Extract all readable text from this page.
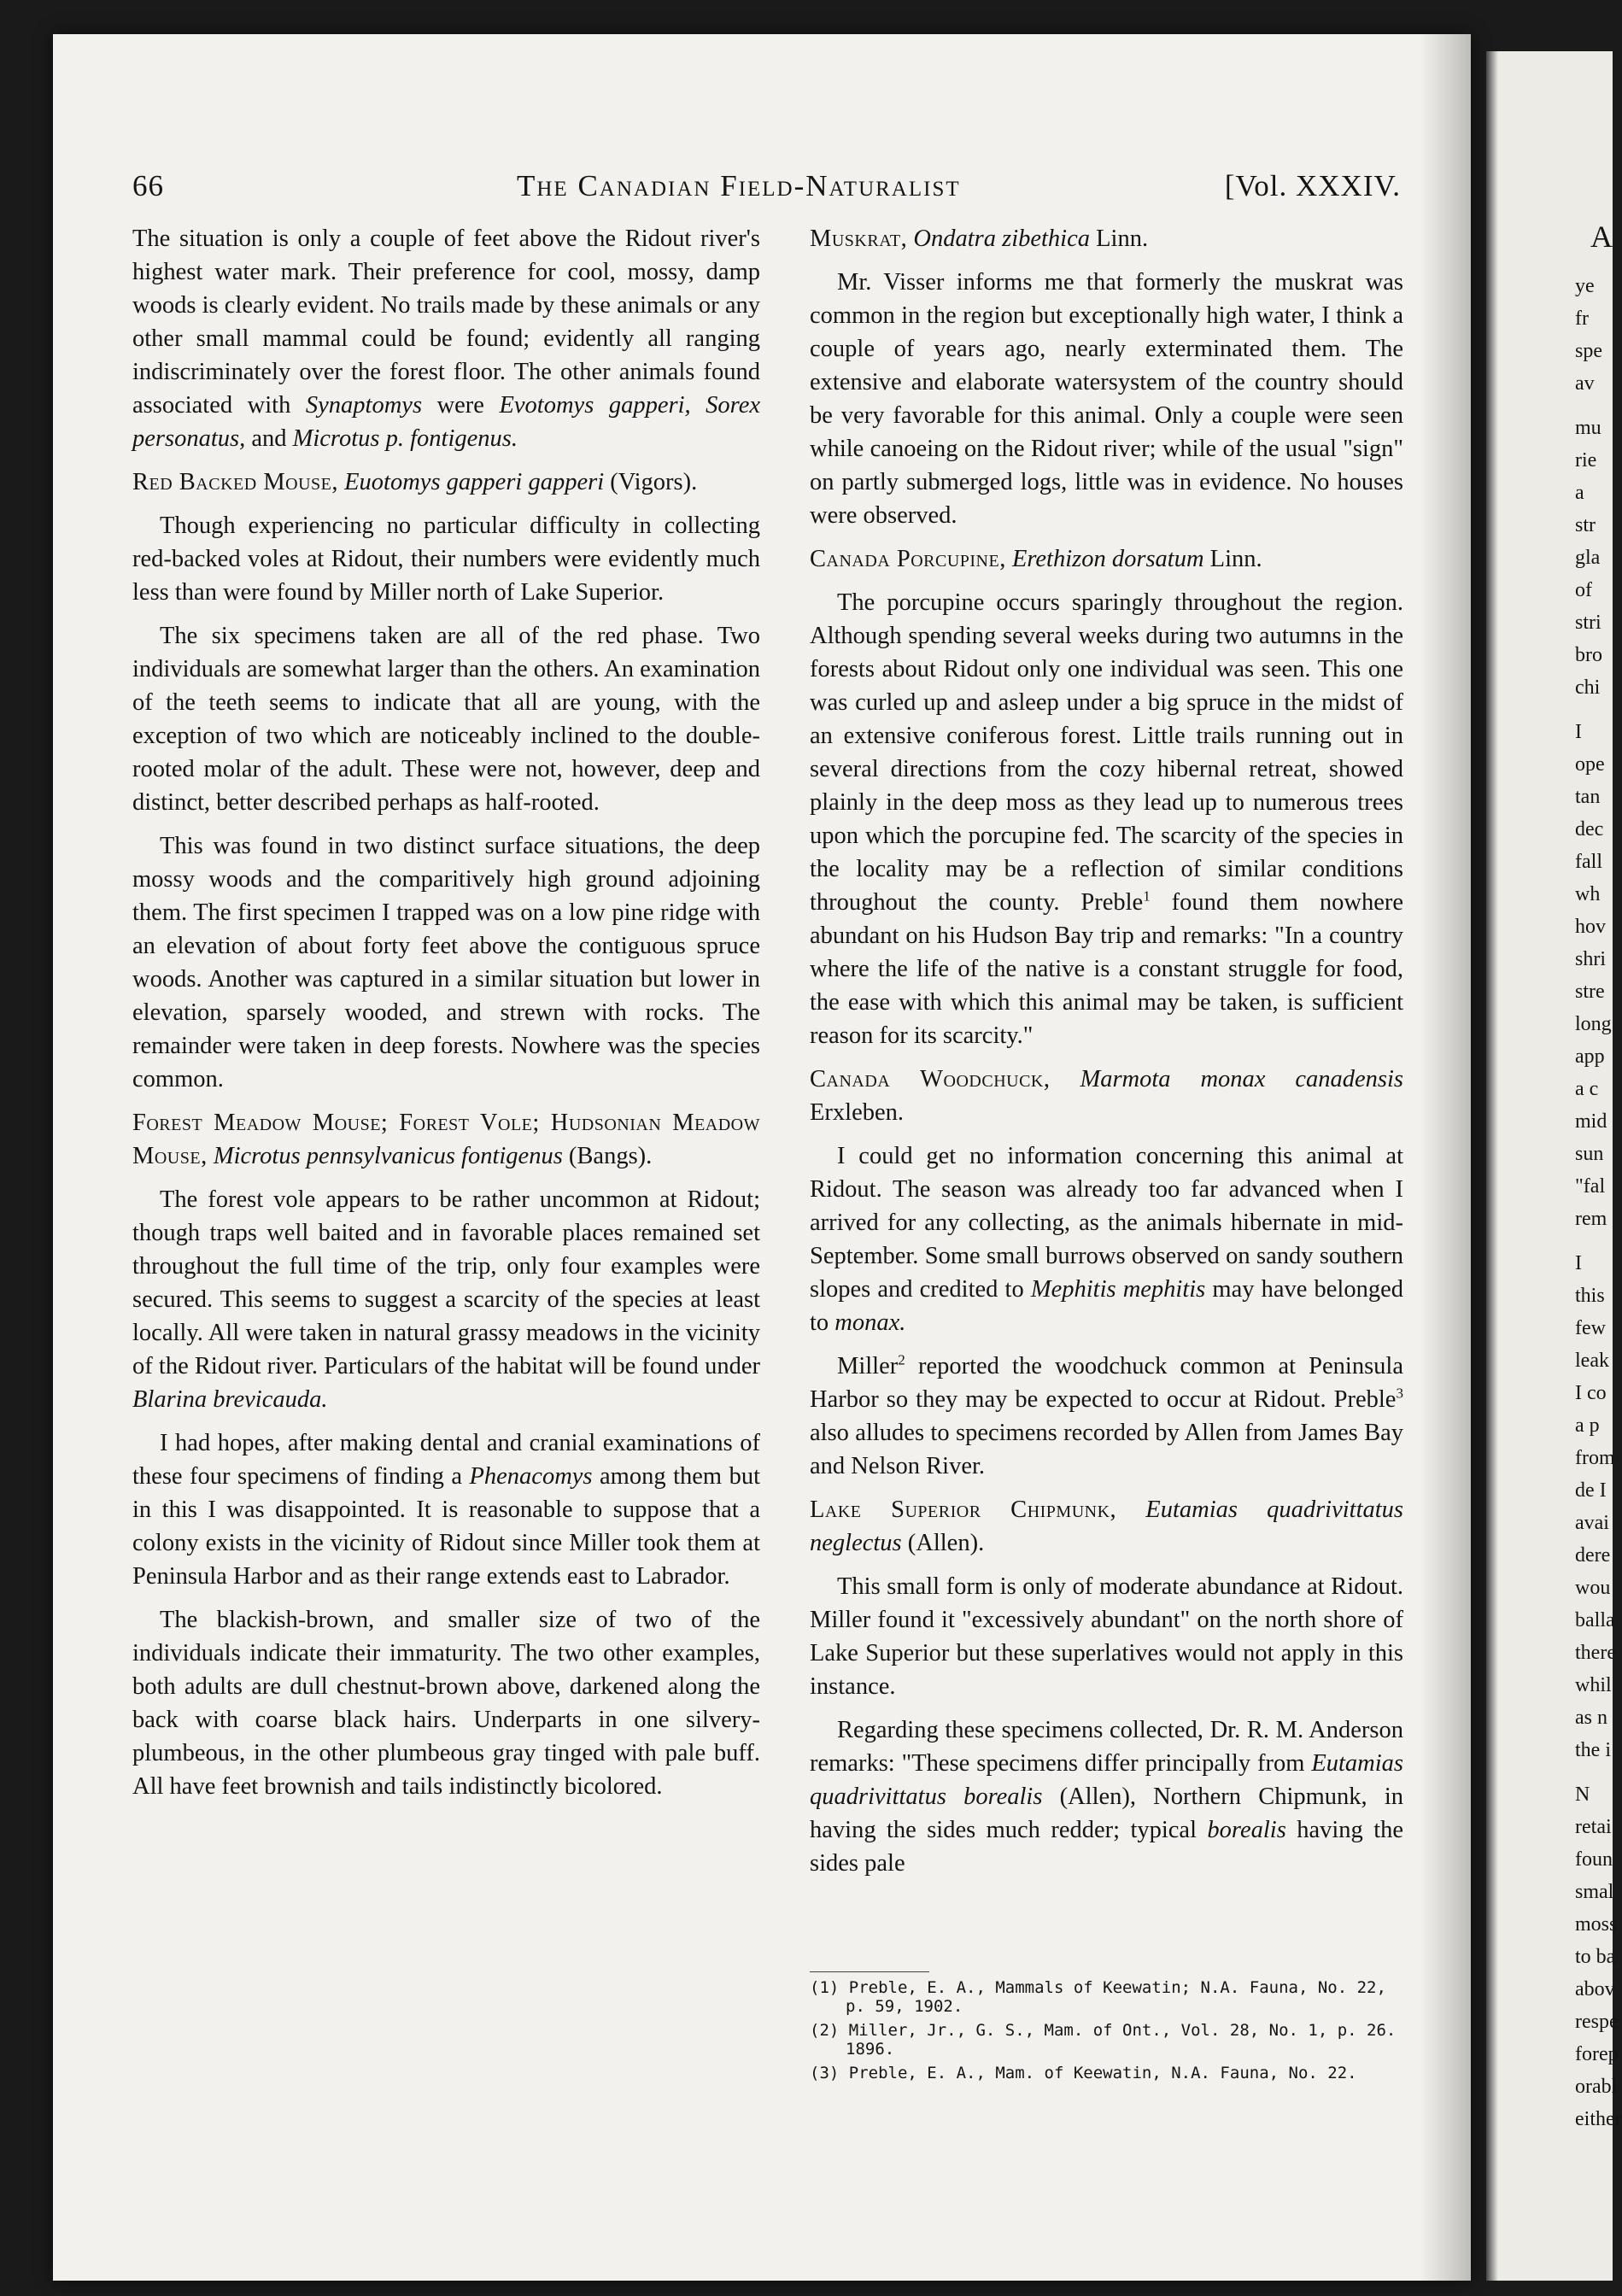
66	The Canadian Field-Naturalist	[Vol. XXXIV.

The situation is only a couple of feet above the Ridout river's highest water mark. Their preference for cool, mossy, damp woods is clearly evident. No trails made by these animals or any other small mammal could be found; evidently all ranging indiscriminately over the forest floor. The other animals found associated with Synaptomys were Evotomys gapperi, Sorex personatus, and Microtus p. fontigenus.

Red Backed Mouse, Euotomys gapperi gapperi (Vigors).

Though experiencing no particular difficulty in collecting red-backed voles at Ridout, their numbers were evidently much less than were found by Miller north of Lake Superior.

The six specimens taken are all of the red phase. Two individuals are somewhat larger than the others. An examination of the teeth seems to indicate that all are young, with the exception of two which are noticeably inclined to the double-rooted molar of the adult. These were not, however, deep and distinct, better described perhaps as half-rooted.

This was found in two distinct surface situations, the deep mossy woods and the comparitively high ground adjoining them. The first specimen I trapped was on a low pine ridge with an elevation of about forty feet above the contiguous spruce woods. Another was captured in a similar situation but lower in elevation, sparsely wooded, and strewn with rocks. The remainder were taken in deep forests. Nowhere was the species common.

Forest Meadow Mouse; Forest Vole; Hudsonian Meadow Mouse, Microtus pennsylvanicus fontigenus (Bangs).

The forest vole appears to be rather uncommon at Ridout; though traps well baited and in favorable places remained set throughout the full time of the trip, only four examples were secured. This seems to suggest a scarcity of the species at least locally. All were taken in natural grassy meadows in the vicinity of the Ridout river. Particulars of the habitat will be found under Blarina brevicauda.

I had hopes, after making dental and cranial examinations of these four specimens of finding a Phenacomys among them but in this I was disappointed. It is reasonable to suppose that a colony exists in the vicinity of Ridout since Miller took them at Peninsula Harbor and as their range extends east to Labrador.

The blackish-brown, and smaller size of two of the individuals indicate their immaturity. The two other examples, both adults are dull chestnut-brown above, darkened along the back with coarse black hairs. Underparts in one silvery-plumbeous, in the other plumbeous gray tinged with pale buff. All have feet brownish and tails indistinctly bicolored.

Muskrat, Ondatra zibethica Linn.

Mr. Visser informs me that formerly the muskrat was common in the region but exceptionally high water, I think a couple of years ago, nearly exterminated them. The extensive and elaborate watersystem of the country should be very favorable for this animal. Only a couple were seen while canoeing on the Ridout river; while of the usual "sign" on partly submerged logs, little was in evidence. No houses were observed.

Canada Porcupine, Erethizon dorsatum Linn.

The porcupine occurs sparingly throughout the region. Although spending several weeks during two autumns in the forests about Ridout only one individual was seen. This one was curled up and asleep under a big spruce in the midst of an extensive coniferous forest. Little trails running out in several directions from the cozy hibernal retreat, showed plainly in the deep moss as they lead up to numerous trees upon which the porcupine fed. The scarcity of the species in the locality may be a reflection of similar conditions throughout the county. Preble$^1$ found them nowhere abundant on his Hudson Bay trip and remarks: "In a country where the life of the native is a constant struggle for food, the ease with which this animal may be taken, is sufficient reason for its scarcity."

Canada Woodchuck, Marmota monax canadensis Erxleben.

I could get no information concerning this animal at Ridout. The season was already too far advanced when I arrived for any collecting, as the animals hibernate in mid-September. Some small burrows observed on sandy southern slopes and credited to Mephitis mephitis may have belonged to monax.

Miller$^2$ reported the woodchuck common at Peninsula Harbor so they may be expected to occur at Ridout. Preble$^3$ also alludes to specimens recorded by Allen from James Bay and Nelson River.

Lake Superior Chipmunk, Eutamias quadrivittatus neglectus (Allen).

This small form is only of moderate abundance at Ridout. Miller found it "excessively abundant" on the north shore of Lake Superior but these superlatives would not apply in this instance.

Regarding these specimens collected, Dr. R. M. Anderson remarks: "These specimens differ principally from Eutamias quadrivittatus borealis (Allen), Northern Chipmunk, in having the sides much redder; typical borealis having the sides pale

(1) Preble, E. A., Mammals of Keewatin; N.A. Fauna, No. 22, p. 59, 1902.
(2) Miller, Jr., G. S., Mam. of Ont., Vol. 28, No. 1, p. 26. 1896.
(3) Preble, E. A., Mam. of Keewatin, N.A. Fauna, No. 22.
A
ye
fr
spe
av
mu
rie
a
str
gla
of
stri
bro
chi
I
ope
tan
dec
fall
wh
hov
shri
stre
long
app
a c
mid
sun
"fal
rem
I
this
few
leak
I co
a p
from
de I
avai
dere
wou
balla
there
whil
as n
the i
N
retai
foun
smal
moss
to ba
abov
respe
forep
orabl
either
